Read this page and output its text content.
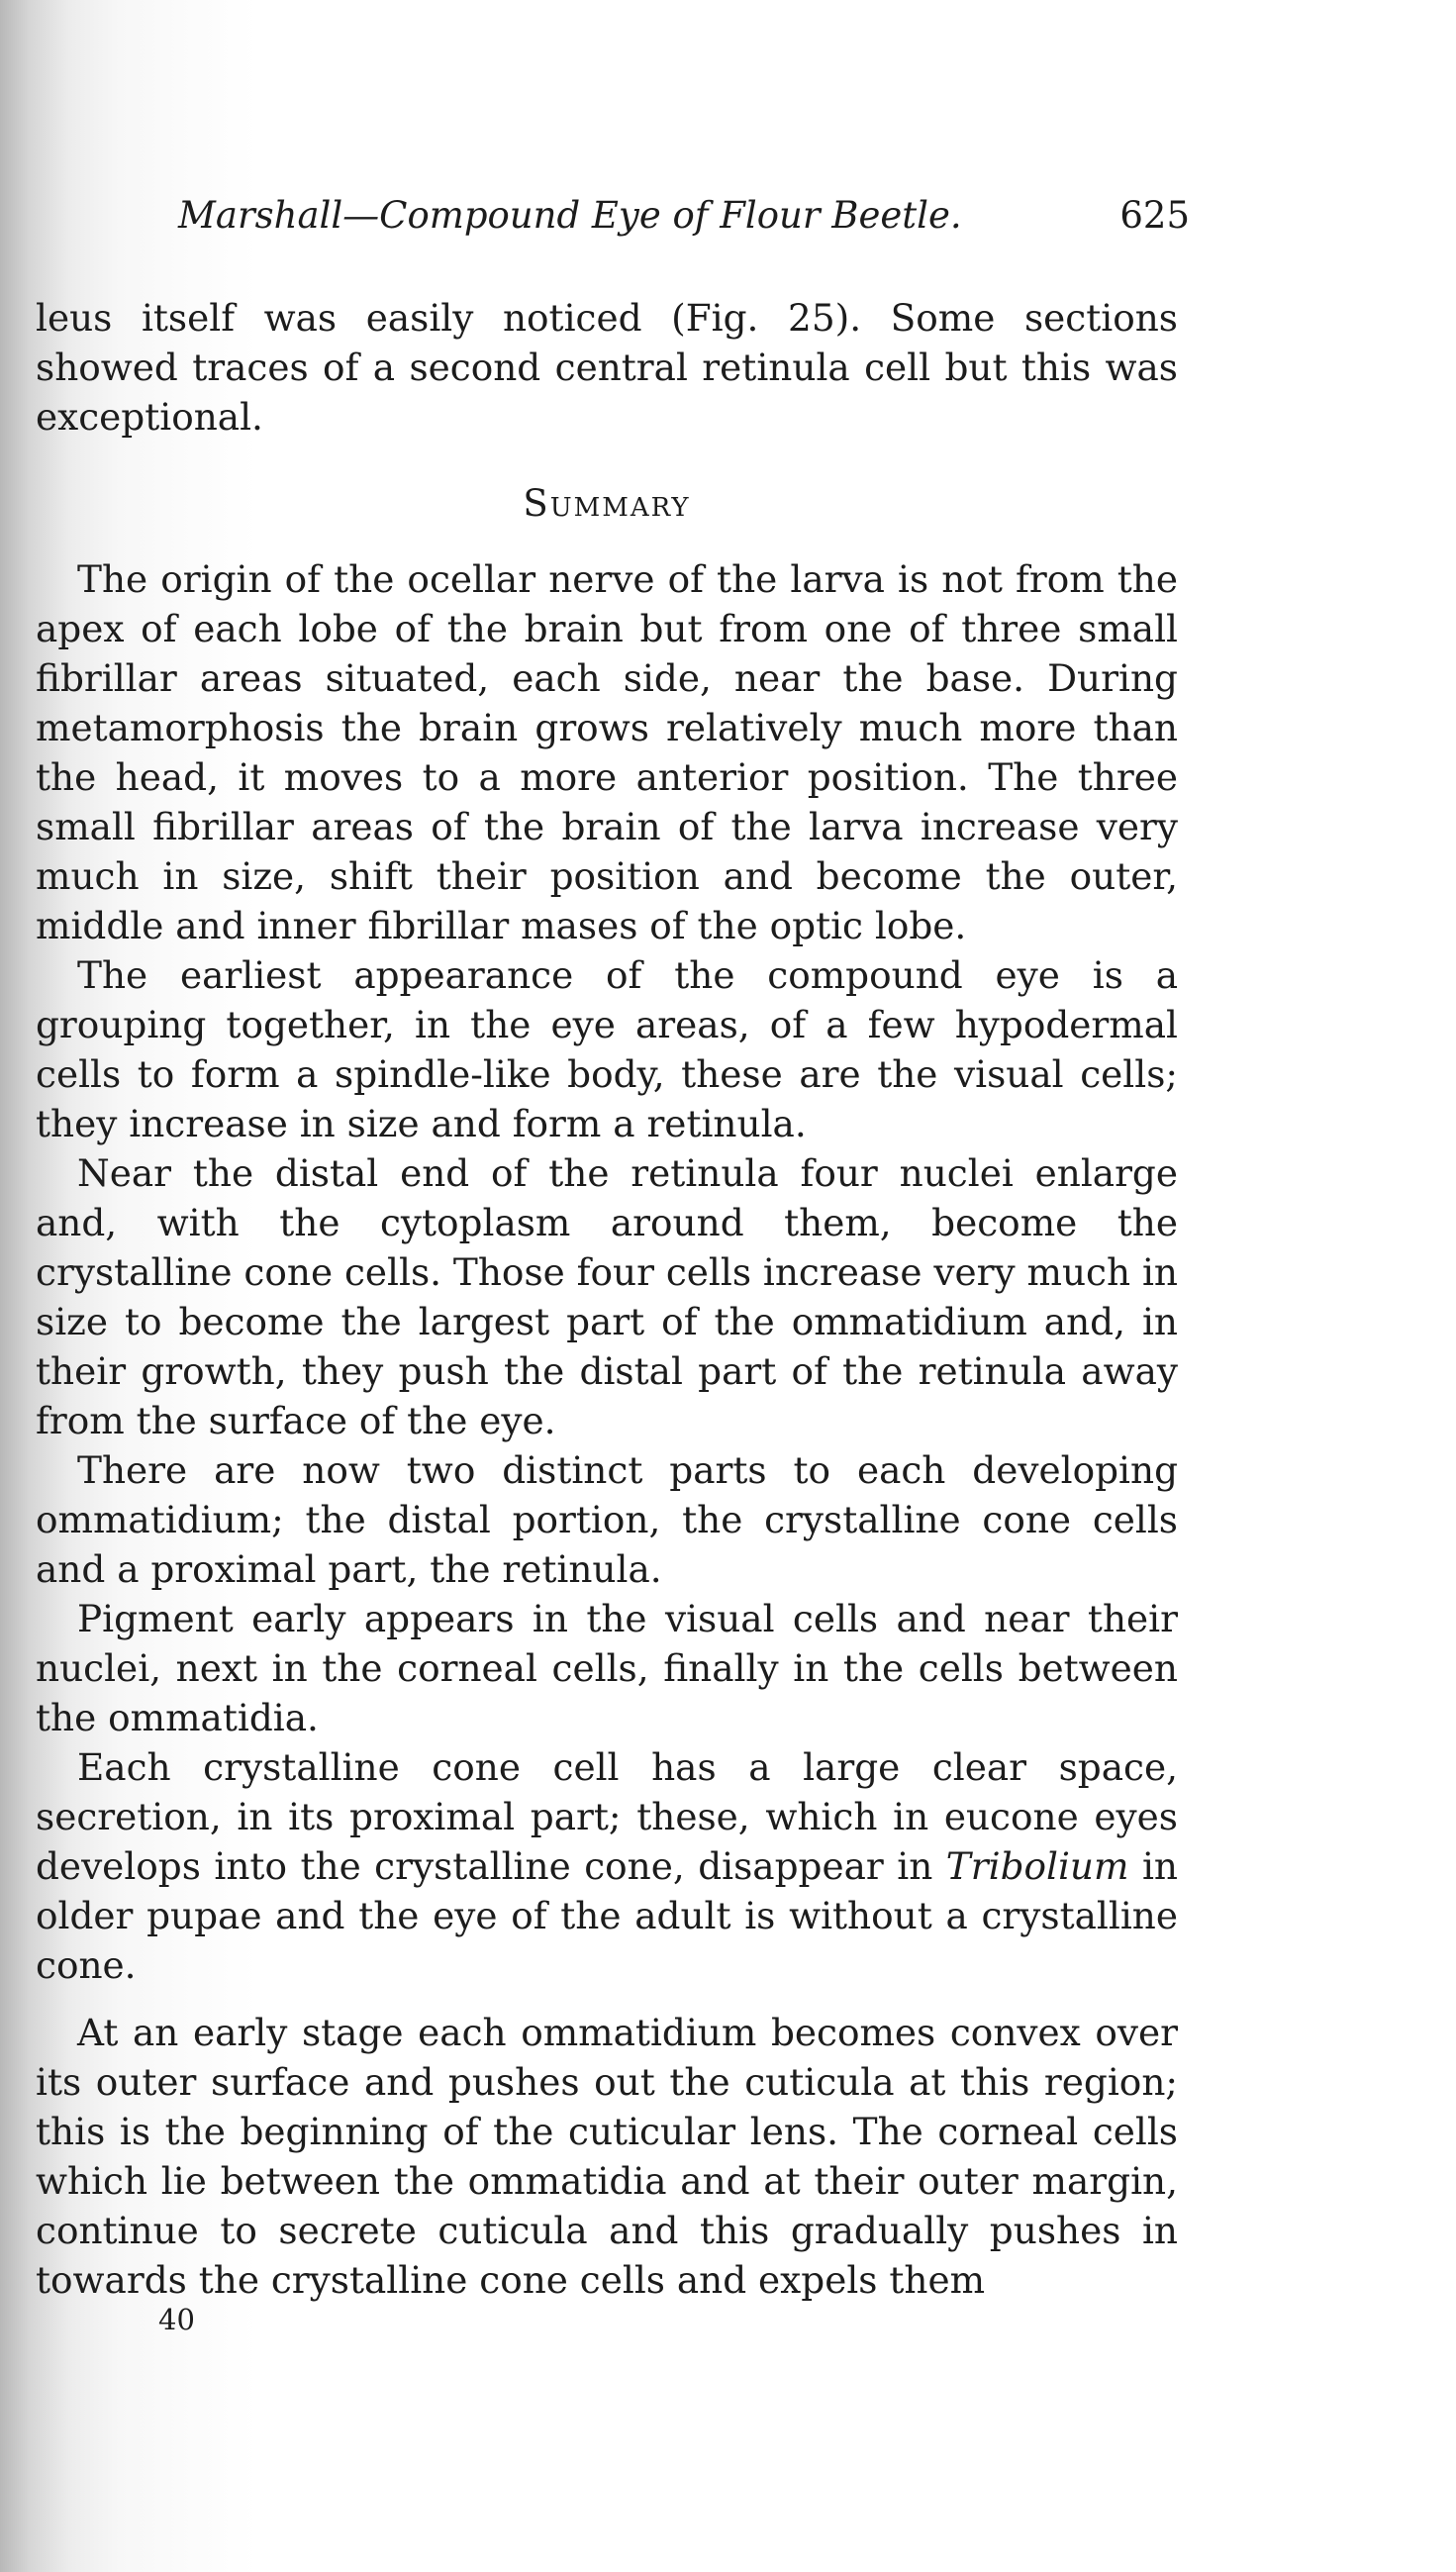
Marshall—Compound Eye of Flour Beetle.	625

leus itself was easily noticed (Fig. 25). Some sections showed traces of a second central retinula cell but this was exceptional.

Summary

The origin of the ocellar nerve of the larva is not from the apex of each lobe of the brain but from one of three small fibrillar areas situated, each side, near the base. During metamorphosis the brain grows relatively much more than the head, it moves to a more anterior position. The three small fibrillar areas of the brain of the larva increase very much in size, shift their position and become the outer, middle and inner fibrillar mases of the optic lobe.

The earliest appearance of the compound eye is a grouping together, in the eye areas, of a few hypodermal cells to form a spindle-like body, these are the visual cells; they increase in size and form a retinula.

Near the distal end of the retinula four nuclei enlarge and, with the cytoplasm around them, become the crystalline cone cells. Those four cells increase very much in size to become the largest part of the ommatidium and, in their growth, they push the distal part of the retinula away from the surface of the eye.

There are now two distinct parts to each developing ommatidium; the distal portion, the crystalline cone cells and a proximal part, the retinula.

Pigment early appears in the visual cells and near their nuclei, next in the corneal cells, finally in the cells between the ommatidia.

Each crystalline cone cell has a large clear space, secretion, in its proximal part; these, which in eucone eyes develops into the crystalline cone, disappear in Tribolium in older pupae and the eye of the adult is without a crystalline cone.

At an early stage each ommatidium becomes convex over its outer surface and pushes out the cuticula at this region; this is the beginning of the cuticular lens. The corneal cells which lie between the ommatidia and at their outer margin, continue to secrete cuticula and this gradually pushes in towards the crystalline cone cells and expels them

40
